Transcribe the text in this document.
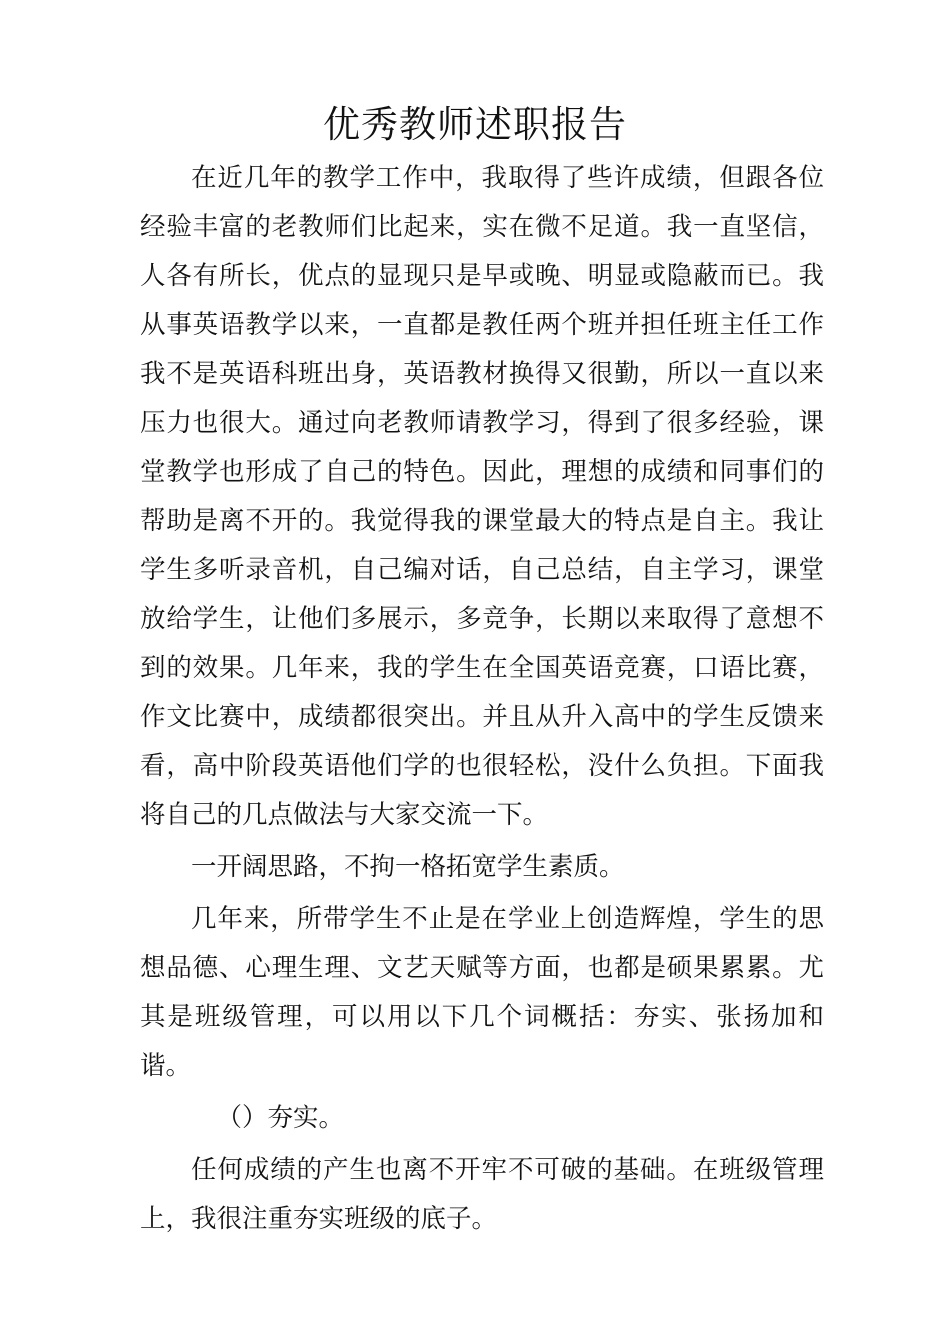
优秀教师述职报告

在近几年的教学工作中，我取得了些许成绩，但跟各位经验丰富的老教师们比起来，实在微不足道。我一直坚信，人各有所长，优点的显现只是早或晚、明显或隐蔽而已。我从事英语教学以来，一直都是教任两个班并担任班主任工作我不是英语科班出身，英语教材换得又很勤，所以一直以来压力也很大。通过向老教师请教学习，得到了很多经验，课堂教学也形成了自己的特色。因此，理想的成绩和同事们的帮助是离不开的。我觉得我的课堂最大的特点是自主。我让学生多听录音机，自己编对话，自己总结，自主学习，课堂放给学生，让他们多展示，多竞争，长期以来取得了意想不到的效果。几年来，我的学生在全国英语竞赛，口语比赛，作文比赛中，成绩都很突出。并且从升入高中的学生反馈来看，高中阶段英语他们学的也很轻松，没什么负担。下面我将自己的几点做法与大家交流一下。

一开阔思路，不拘一格拓宽学生素质。

几年来，所带学生不止是在学业上创造辉煌，学生的思想品德、心理生理、文艺天赋等方面，也都是硕果累累。尤其是班级管理，可以用以下几个词概括：夯实、张扬加和谐。

（）夯实。

任何成绩的产生也离不开牢不可破的基础。在班级管理上，我很注重夯实班级的底子。
